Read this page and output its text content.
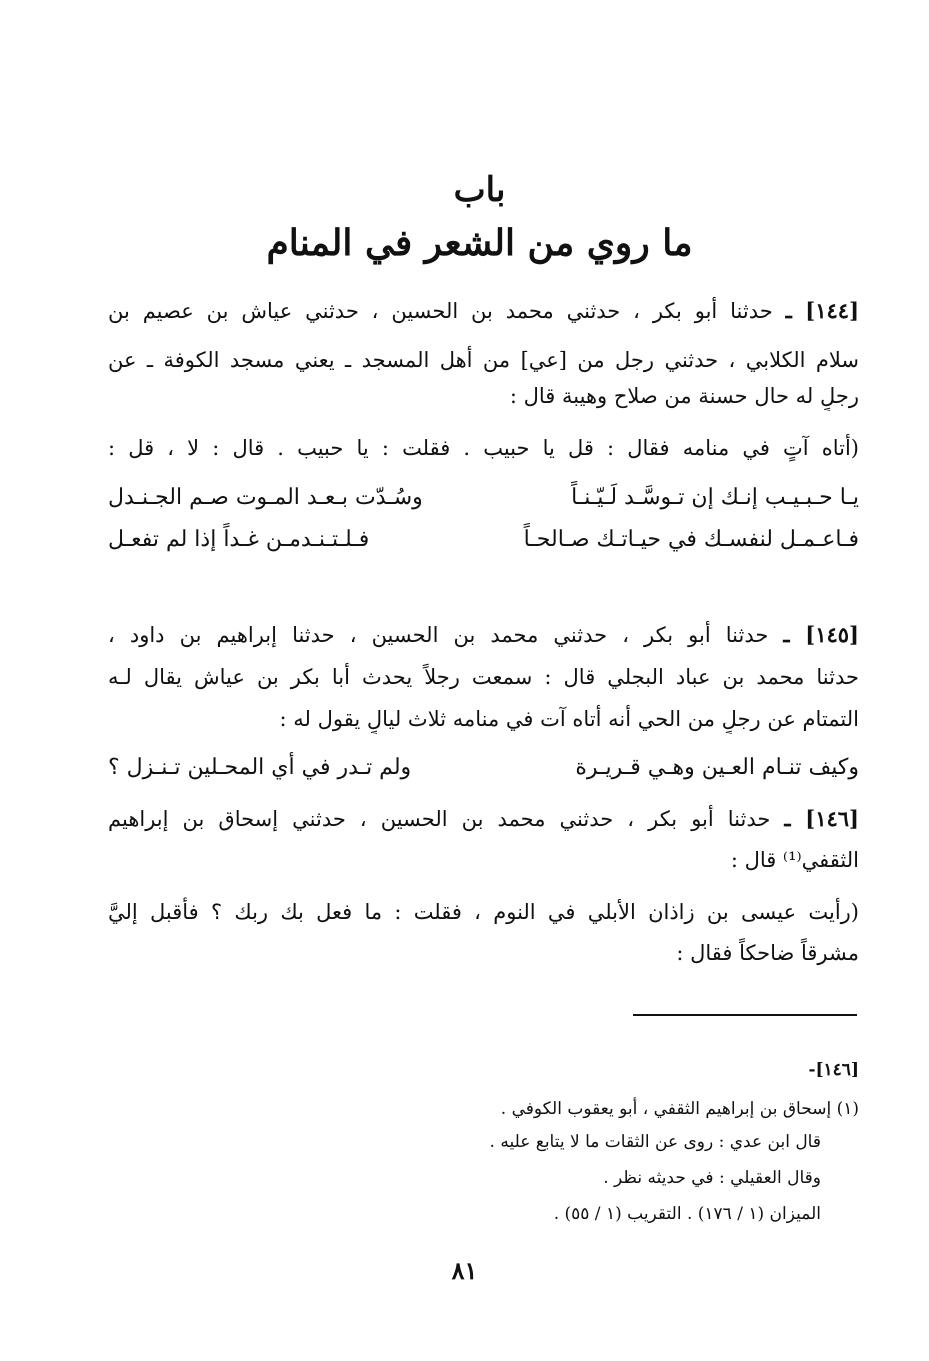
باب
ما روي من الشعر في المنام
[١٤٤] ـ حدثنا أبو بكر ، حدثني محمد بن الحسين ، حدثني عياش بن عصيم بن
سلام الكلابي ، حدثني رجل من [عي] من أهل المسجد ـ يعني مسجد الكوفة ـ عن
رجلٍ له حال حسنة من صلاح وهيبة قال :
(أتاه آتٍ في منامه فقال : قل يا حبيب . فقلت : يا حبيب . قال : لا ، قل :
يـا حـبـيـب إنـك إن تـوسَّـد لَـيّـنـاً
وسُـدّت بـعـد المـوت صـم الجـنـدل
فـاعـمـل لنفسـك في حيـاتـك صـالحـاً
فـلـتـنـدمـن غـداً إذا لم تفعـل
[١٤٥] ـ حدثنا أبو بكر ، حدثني محمد بن الحسين ، حدثنا إبراهيم بن داود ،
حدثنا محمد بن عباد البجلي قال : سمعت رجلاً يحدث أبا بكر بن عياش يقال لـه
التمتام عن رجلٍ من الحي أنه أتاه آت في منامه ثلاث ليالٍ يقول له :
وكيف تنـام العـين وهـي قـريـرة
ولم تـدر في أي المحـلين تـنـزل ؟
[١٤٦] ـ حدثنا أبو بكر ، حدثني محمد بن الحسين ، حدثني إسحاق بن إبراهيم
الثقفي⁽¹⁾ قال :
(رأيت عيسى بن زاذان الأبلي في النوم ، فقلت : ما فعل بك ربك ؟ فأقبل إليَّ
مشرقاً ضاحكاً فقال :
[١٤٦]-
(١) إسحاق بن إبراهيم الثقفي ، أبو يعقوب الكوفي .
قال ابن عدي : روى عن الثقات ما لا يتابع عليه .
وقال العقيلي : في حديثه نظر .
الميزان (١ / ١٧٦) . التقريب (١ / ٥٥) .
٨١
